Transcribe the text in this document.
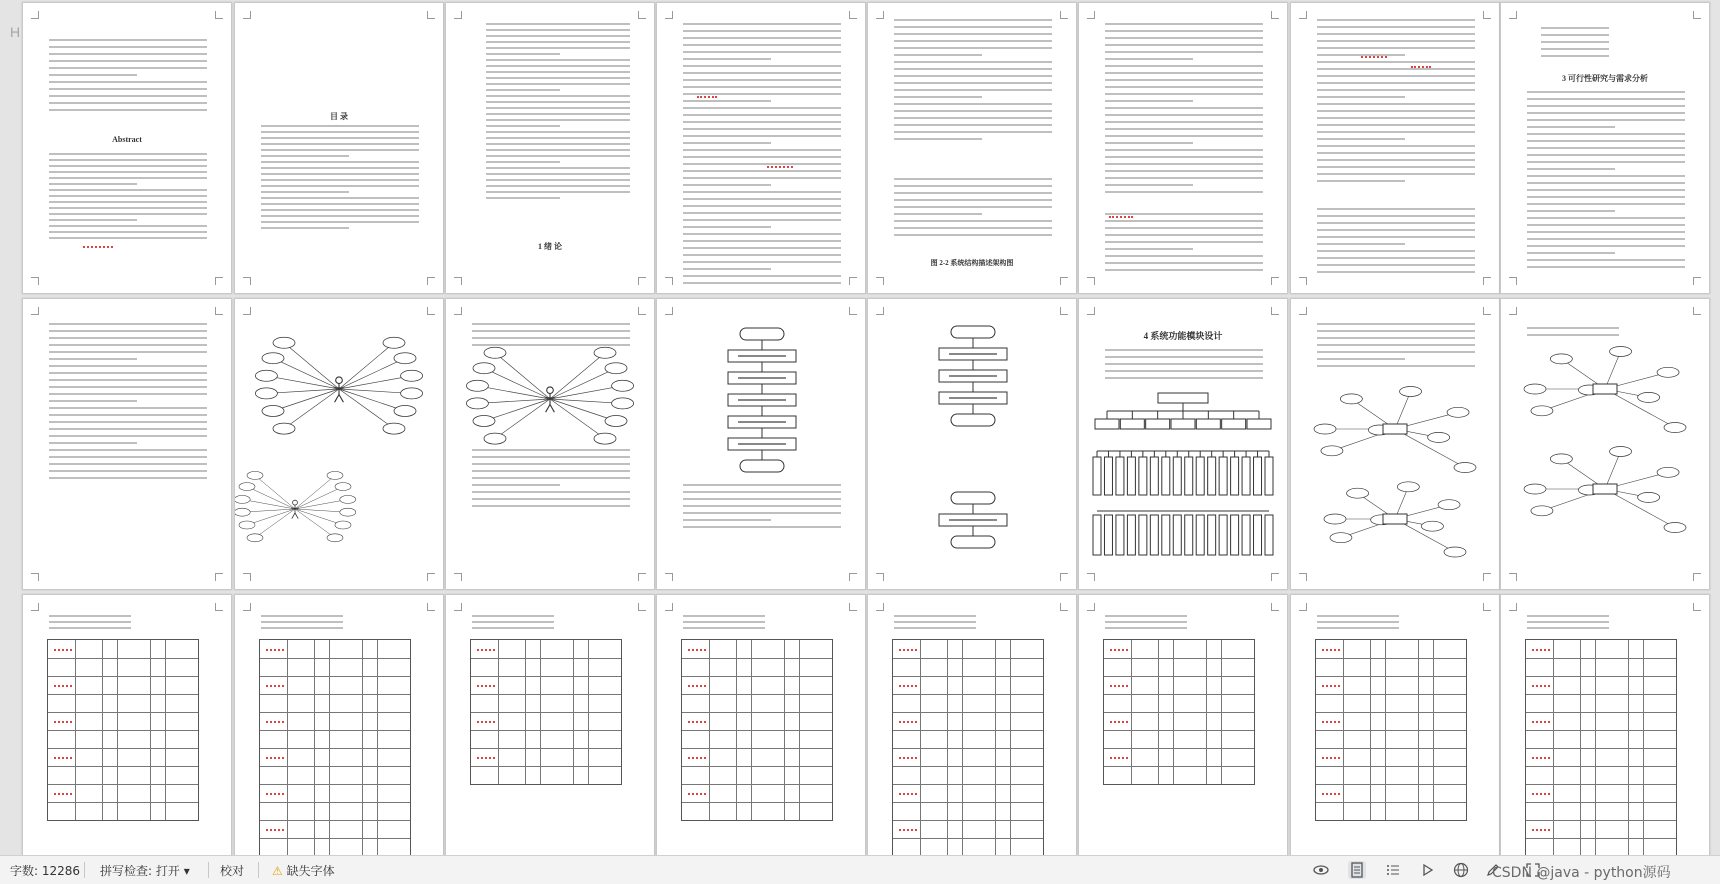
H
Abstract
目 录
1 绪 论
图 2-2 系统结构描述架构图
3 可行性研究与需求分析
4 系统功能模块设计
字数: 12286 拼写检查: 打开 ▾	校对 ⚠ 缺失字体	CSDN @java - python源码
